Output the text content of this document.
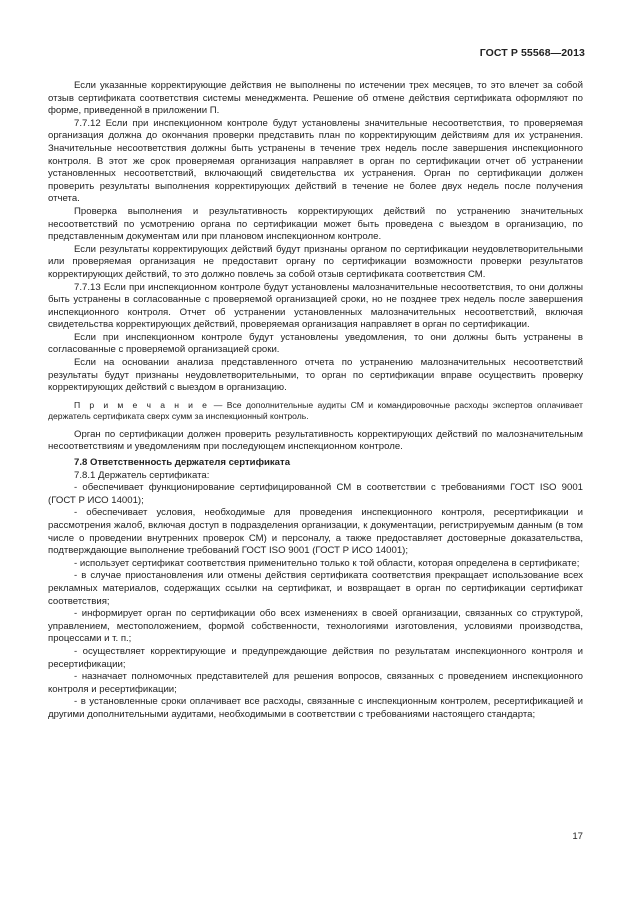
ГОСТ Р 55568—2013

Если указанные корректирующие действия не выполнены по истечении трех месяцев, то это влечет за собой отзыв сертификата соответствия системы менеджмента. Решение об отмене действия сертификата оформляют по форме, приведенной в приложении П.

7.7.12 Если при инспекционном контроле будут установлены значительные несоответствия, то проверяемая организация должна до окончания проверки представить план по корректирующим действиям для их устранения. Значительные несоответствия должны быть устранены в течение трех недель после завершения инспекционного контроля. В этот же срок проверяемая организация направляет в орган по сертификации отчет об устранении установленных несоответствий, включающий свидетельства их устранения. Орган по сертификации должен проверить результаты выполнения корректирующих действий в течение не более двух недель после получения отчета.

Проверка выполнения и результативность корректирующих действий по устранению значительных несоответствий по усмотрению органа по сертификации может быть проведена с выездом в организацию, по представленным документам или при плановом инспекционном контроле.

Если результаты корректирующих действий будут признаны органом по сертификации неудовлетворительными или проверяемая организация не предоставит органу по сертификации возможности проверки результатов корректирующих действий, то это должно повлечь за собой отзыв сертификата соответствия СМ.

7.7.13 Если при инспекционном контроле будут установлены малозначительные несоответствия, то они должны быть устранены в согласованные с проверяемой организацией сроки, но не позднее трех недель после завершения инспекционного контроля. Отчет об устранении установленных малозначительных несоответствий, включая свидетельства корректирующих действий, проверяемая организация направляет в орган по сертификации.

Если при инспекционном контроле будут установлены уведомления, то они должны быть устранены в согласованные с проверяемой организацией сроки.

Если на основании анализа представленного отчета по устранению малозначительных несоответствий результаты будут признаны неудовлетворительными, то орган по сертификации вправе осуществить проверку корректирующих действий с выездом в организацию.

П р и м е ч а н и е — Все дополнительные аудиты СМ и командировочные расходы экспертов оплачивает держатель сертификата сверх сумм за инспекционный контроль.

Орган по сертификации должен проверить результативность корректирующих действий по малозначительным несоответствиям и уведомлениям при последующем инспекционном контроле.

7.8 Ответственность держателя сертификата

7.8.1 Держатель сертификата:

- обеспечивает функционирование сертифицированной СМ в соответствии с требованиями ГОСТ ISO 9001 (ГОСТ Р ИСО 14001);

- обеспечивает условия, необходимые для проведения инспекционного контроля, ресертификации и рассмотрения жалоб, включая доступ в подразделения организации, к документации, регистрируемым данным (в том числе о проведении внутренних проверок СМ) и персоналу, а также предоставляет достоверные доказательства, подтверждающие выполнение требований ГОСТ ISO 9001 (ГОСТ Р ИСО 14001);

- использует сертификат соответствия применительно только к той области, которая определена в сертификате;

- в случае приостановления или отмены действия сертификата соответствия прекращает использование всех рекламных материалов, содержащих ссылки на сертификат, и возвращает в орган по сертификации сертификат соответствия;

- информирует орган по сертификации обо всех изменениях в своей организации, связанных со структурой, управлением, местоположением, формой собственности, технологиями изготовления, условиями производства, процессами и т. п.;

- осуществляет корректирующие и предупреждающие действия по результатам инспекционного контроля и ресертификации;

- назначает полномочных представителей для решения вопросов, связанных с проведением инспекционного контроля и ресертификации;

- в установленные сроки оплачивает все расходы, связанные с инспекционным контролем, ресертификацией и другими дополнительными аудитами, необходимыми в соответствии с требованиями настоящего стандарта;

17
